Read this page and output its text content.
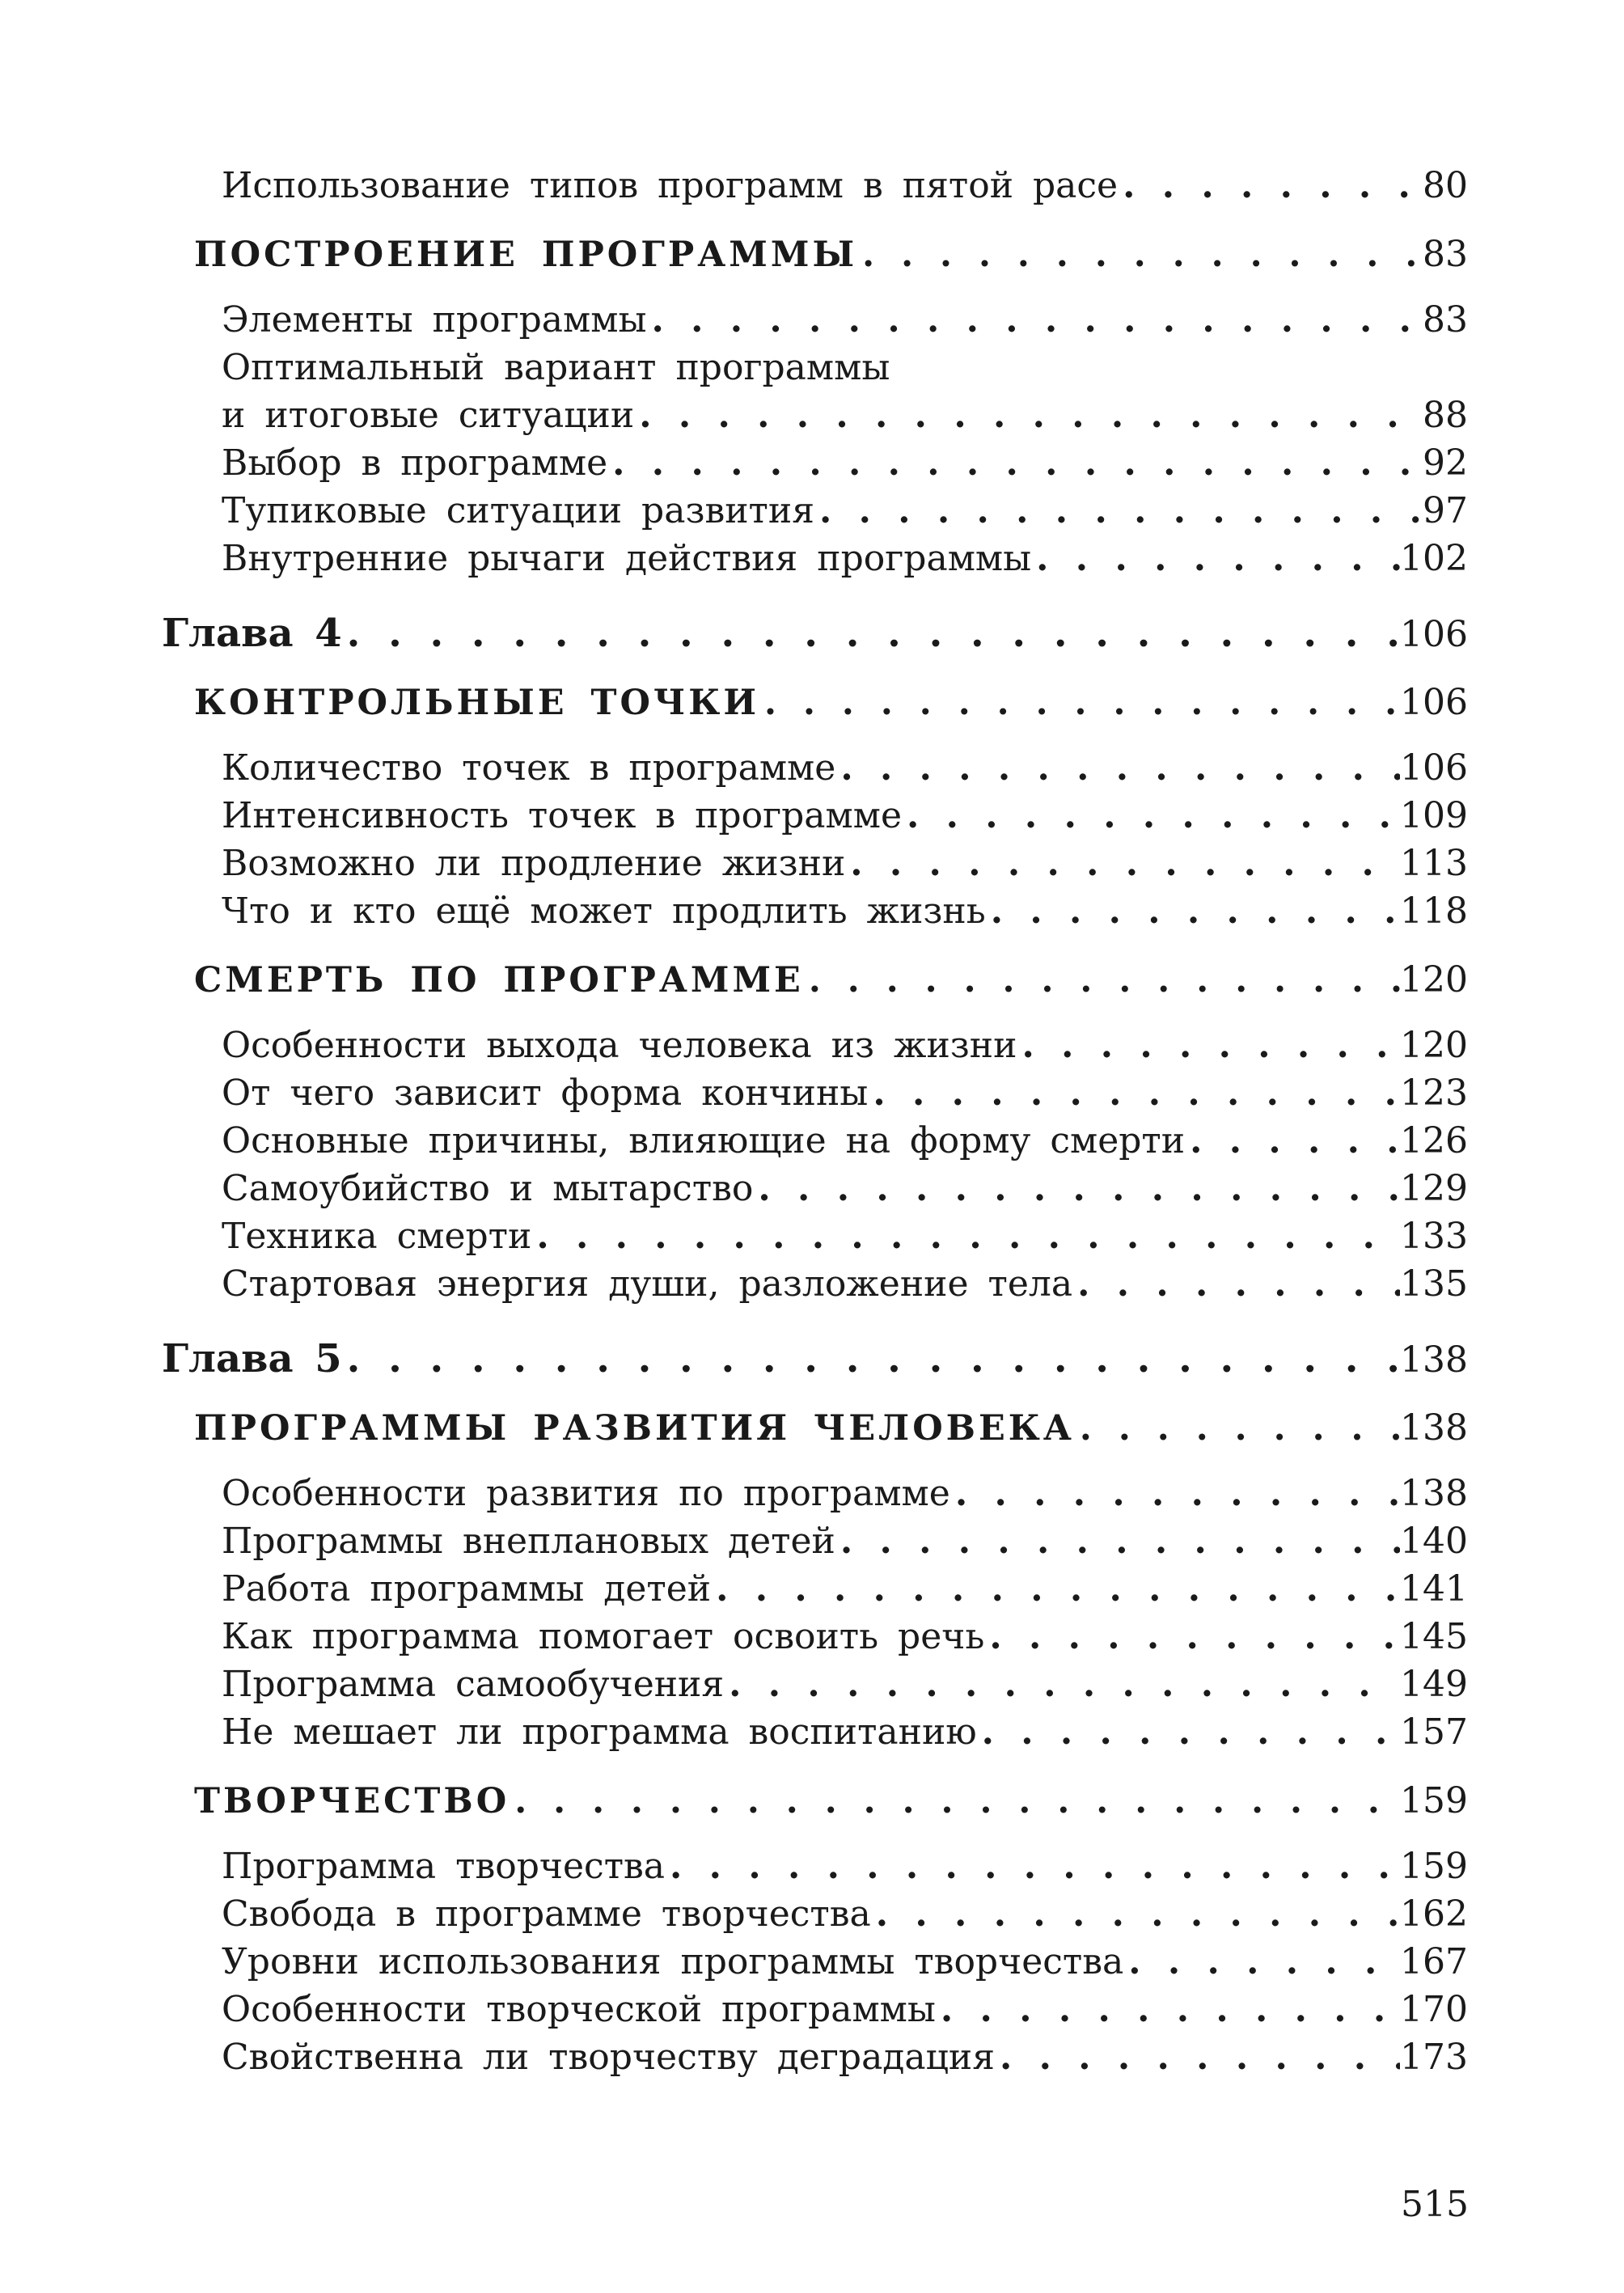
Использование типов программ в пятой расе . . .	80
ПОСТРОЕНИЕ ПРОГРАММЫ . . .	83
Элементы программы . . .	83
Оптимальный вариант программы
и итоговые ситуации . . .	88
Выбор в программе . . .	92
Тупиковые ситуации развития . . .	97
Внутренние рычаги действия программы . . .	102
Глава 4 . . .	106
КОНТРОЛЬНЫЕ ТОЧКИ . . .	106
Количество точек в программе . . .	106
Интенсивность точек в программе . . .	109
Возможно ли продление жизни . . .	113
Что и кто ещё может продлить жизнь . . .	118
СМЕРТЬ ПО ПРОГРАММЕ . . .	120
Особенности выхода человека из жизни . . .	120
От чего зависит форма кончины . . .	123
Основные причины, влияющие на форму смерти . . .	126
Самоубийство и мытарство . . .	129
Техника смерти . . .	133
Стартовая энергия души, разложение тела . . .	135
Глава 5 . . .	138
ПРОГРАММЫ РАЗВИТИЯ ЧЕЛОВЕКА . . .	138
Особенности развития по программе . . .	138
Программы внеплановых детей . . .	140
Работа программы детей . . .	141
Как программа помогает освоить речь . . .	145
Программа самообучения . . .	149
Не мешает ли программа воспитанию . . .	157
ТВОРЧЕСТВО . . .	159
Программа творчества . . .	159
Свобода в программе творчества . . .	162
Уровни использования программы творчества . . .	167
Особенности творческой программы . . .	170
Свойственна ли творчеству деградация . . .	173
515
